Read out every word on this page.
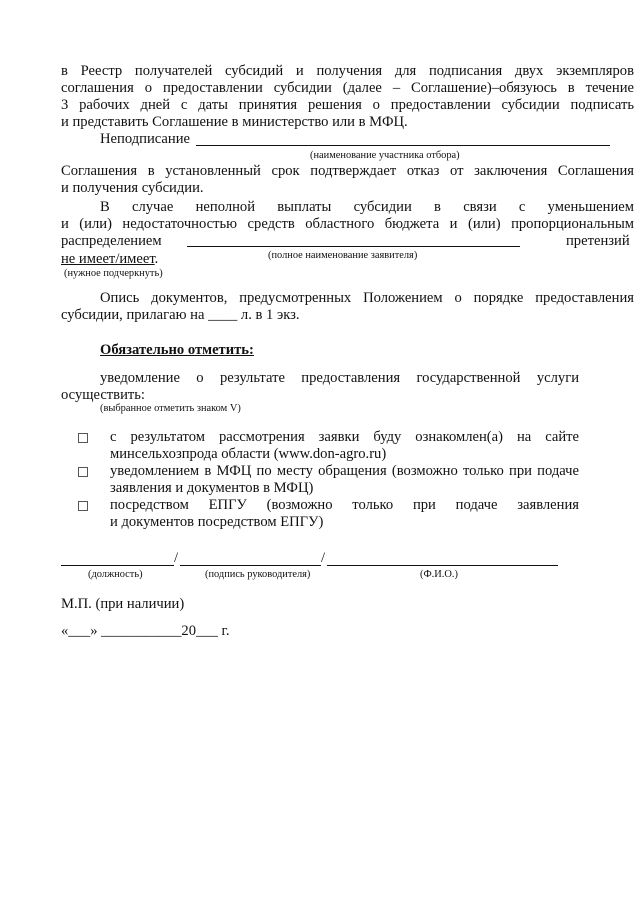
в Реестр получателей субсидий и получения для подписания двух экземпляров
соглашения о предоставлении субсидии (далее – Соглашение)–обязуюсь в течение
3 рабочих дней с даты принятия решения о предоставлении субсидии подписать
и представить Соглашение в министерство или в МФЦ.
Неподписание
(наименование участника отбора)
Соглашения в установленный срок подтверждает отказ от заключения Соглашения
и получения субсидии.
В случае неполной выплаты субсидии в связи с уменьшением
и (или) недостаточностью средств областного бюджета и (или) пропорциональным
распределением	претензий
(полное наименование заявителя)
не имеет/имеет.
(нужное подчеркнуть)
Опись документов, предусмотренных Положением о порядке предоставления
субсидии, прилагаю на ____ л. в 1 экз.
Обязательно отметить:
уведомление о результате предоставления государственной услуги
осуществить:
(выбранное отметить знаком V)
с результатом рассмотрения заявки буду ознакомлен(а) на сайте
минсельхозпрода области (www.don-agro.ru)
уведомлением в МФЦ по месту обращения (возможно только при подаче
заявления и документов в МФЦ)
посредством ЕПГУ (возможно только при подаче заявления
и документов посредством ЕПГУ)
/	/
(должность)	(подпись руководителя)	(Ф.И.О.)
М.П. (при наличии)
«___» ___________20___ г.
